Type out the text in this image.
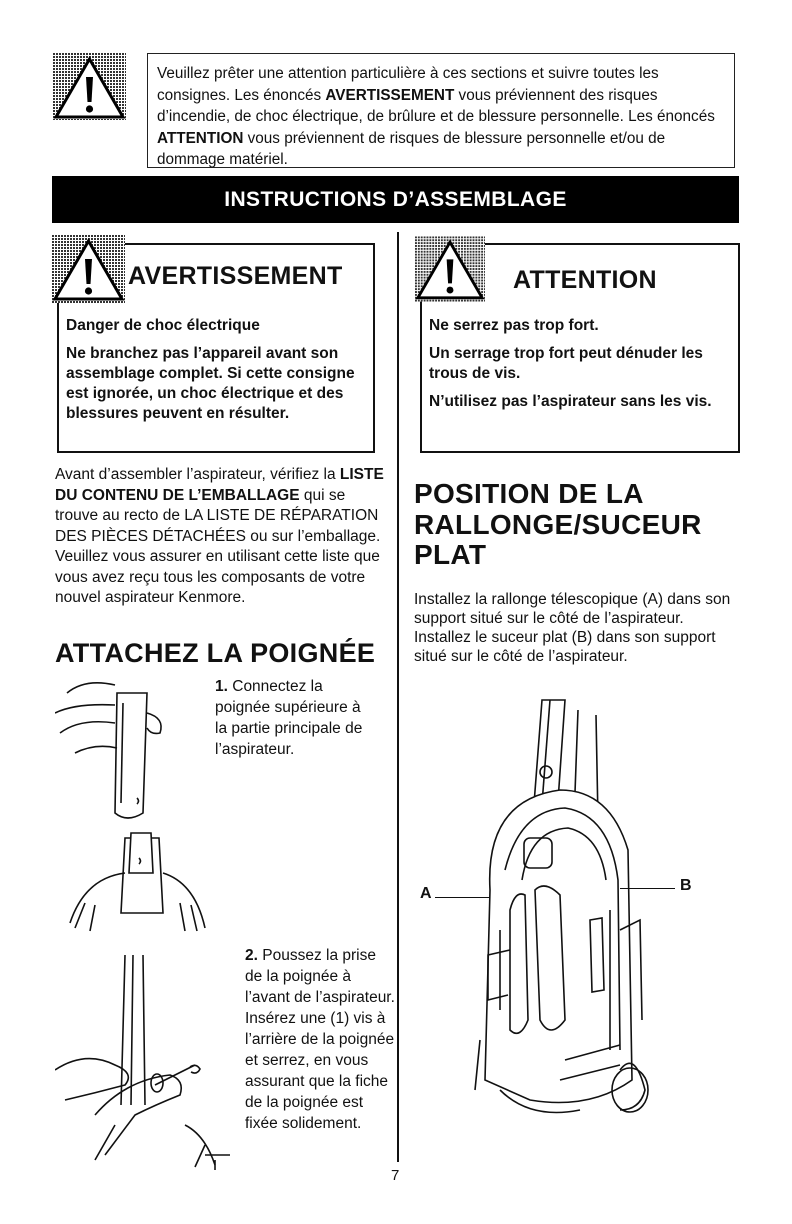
Veuillez prêter une attention particulière à ces sections et suivre toutes les consignes. Les énoncés AVERTISSEMENT vous préviennent des risques d’incendie, de choc électrique, de brûlure et de blessure personnelle. Les énoncés ATTENTION vous préviennent de risques de blessure personnelle et/ou de dommage matériel.
INSTRUCTIONS D’ASSEMBLAGE
AVERTISSEMENT

Danger de choc électrique

Ne branchez pas l’appareil avant son assemblage complet. Si cette consigne est ignorée, un choc électrique et des blessures peuvent en résulter.

ATTENTION

Ne serrez pas trop fort.

Un serrage trop fort peut dénuder les trous de vis.

N’utilisez pas l’aspirateur sans les vis.

Avant d’assembler l’aspirateur, vérifiez la LISTE DU CONTENU DE L’EMBALLAGE qui se trouve au recto de LA LISTE DE RÉPARATION DES PIÈCES DÉTACHÉES ou sur l’emballage. Veuillez vous assurer en utilisant cette liste que vous avez reçu tous les composants de votre nouvel aspirateur Kenmore.
ATTACHEZ LA POIGNÉE
1. Connectez la poignée supérieure à la partie principale de l’aspirateur.
2. Poussez la prise de la poignée à l’avant de l’aspirateur. Insérez une (1) vis à l’arrière de la poignée et serrez, en vous assurant que la fiche de la poignée est fixée solidement.
POSITION DE LA RALLONGE/SUCEUR PLAT
Installez la rallonge télescopique (A) dans son support situé sur le côté de l’aspirateur. Installez le suceur plat (B) dans son support situé sur le côté de l’aspirateur.
A	B
7
